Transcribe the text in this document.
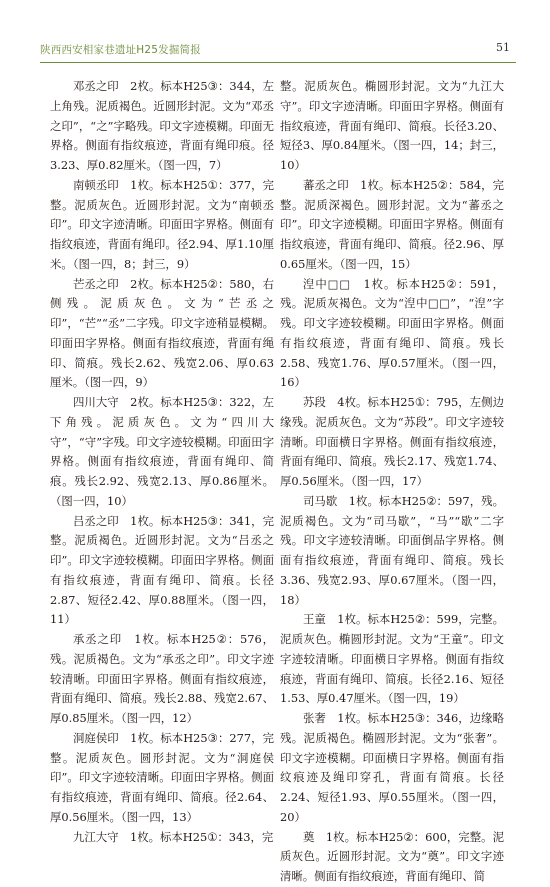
陕西西安相家巷遗址H25发掘简报	51

邓丞之印　2枚。标本H25③：344，左上角残。泥质褐色。近圆形封泥。文为“邓丞之印”，“之”字略残。印文字迹模糊。印面无界格。侧面有指纹痕迹，背面有绳印痕。径3.23、厚0.82厘米。（图一四，7）

南顿丞印　1枚。标本H25①：377，完整。泥质灰色。近圆形封泥。文为“南顿丞印”。印文字迹清晰。印面田字界格。侧面有指纹痕迹，背面有绳印。径2.94、厚1.10厘米。（图一四，8；封三，9）

芒丞之印　2枚。标本H25②：580，右侧残。泥质灰色。文为“芒丞之印”，“芒”“丞”二字残。印文字迹稍显模糊。印面田字界格。侧面有指纹痕迹，背面有绳印、简痕。残长2.62、残宽2.06、厚0.63厘米。（图一四，9）

四川大守　2枚。标本H25③：322，左下角残。泥质灰色。文为“四川大守”，“守”字残。印文字迹较模糊。印面田字界格。侧面有指纹痕迹，背面有绳印、简痕。残长2.92、残宽2.13、厚0.86厘米。（图一四，10）

吕丞之印　1枚。标本H25③：341，完整。泥质褐色。近圆形封泥。文为“吕丞之印”。印文字迹较模糊。印面田字界格。侧面有指纹痕迹，背面有绳印、简痕。长径2.87、短径2.42、厚0.88厘米。（图一四，11）

承丞之印　1枚。标本H25②：576，残。泥质褐色。文为“承丞之印”。印文字迹较清晰。印面田字界格。侧面有指纹痕迹，背面有绳印、简痕。残长2.88、残宽2.67、厚0.85厘米。（图一四，12）

洞庭侯印　1枚。标本H25③：277，完整。泥质灰色。圆形封泥。文为“洞庭侯印”。印文字迹较清晰。印面田字界格。侧面有指纹痕迹，背面有绳印、简痕。径2.64、厚0.56厘米。（图一四，13）

九江大守　1枚。标本H25①：343，完

整。泥质灰色。椭圆形封泥。文为“九江大守”。印文字迹清晰。印面田字界格。侧面有指纹痕迹，背面有绳印、简痕。长径3.20、短径3、厚0.84厘米。（图一四，14；封三，10）

蕃丞之印　1枚。标本H25②：584，完整。泥质深褐色。圆形封泥。文为“蕃丞之印”。印文字迹模糊。印面田字界格。侧面有指纹痕迹，背面有绳印、简痕。径2.96、厚0.65厘米。（图一四，15）

湼中□□　1枚。标本H25②：591，残。泥质灰褐色。文为“湼中□□”，“湼”字残。印文字迹较模糊。印面田字界格。侧面有指纹痕迹，背面有绳印、简痕。残长2.58、残宽1.76、厚0.57厘米。（图一四，16）

苏段　4枚。标本H25①：795，左侧边缘残。泥质灰色。文为“苏段”。印文字迹较清晰。印面横日字界格。侧面有指纹痕迹，背面有绳印、简痕。残长2.17、残宽1.74、厚0.56厘米。（图一四，17）

司马歇　1枚。标本H25②：597，残。泥质褐色。文为“司马歇”，“马”“歇”二字残。印文字迹较清晰。印面倒品字界格。侧面有指纹痕迹，背面有绳印、简痕。残长3.36、残宽2.93、厚0.67厘米。（图一四，18）

王童　1枚。标本H25②：599，完整。泥质灰色。椭圆形封泥。文为“王童”。印文字迹较清晰。印面横日字界格。侧面有指纹痕迹，背面有绳印、简痕。长径2.16、短径1.53、厚0.47厘米。（图一四，19）

张奢　1枚。标本H25③：346，边缘略残。泥质褐色。椭圆形封泥。文为“张奢”。印文字迹模糊。印面横日字界格。侧面有指纹痕迹及绳印穿孔，背面有简痕。长径2.24、短径1.93、厚0.55厘米。（图一四，20）

奠　1枚。标本H25②：600，完整。泥质灰色。近圆形封泥。文为“奠”。印文字迹清晰。侧面有指纹痕迹，背面有绳印、简
